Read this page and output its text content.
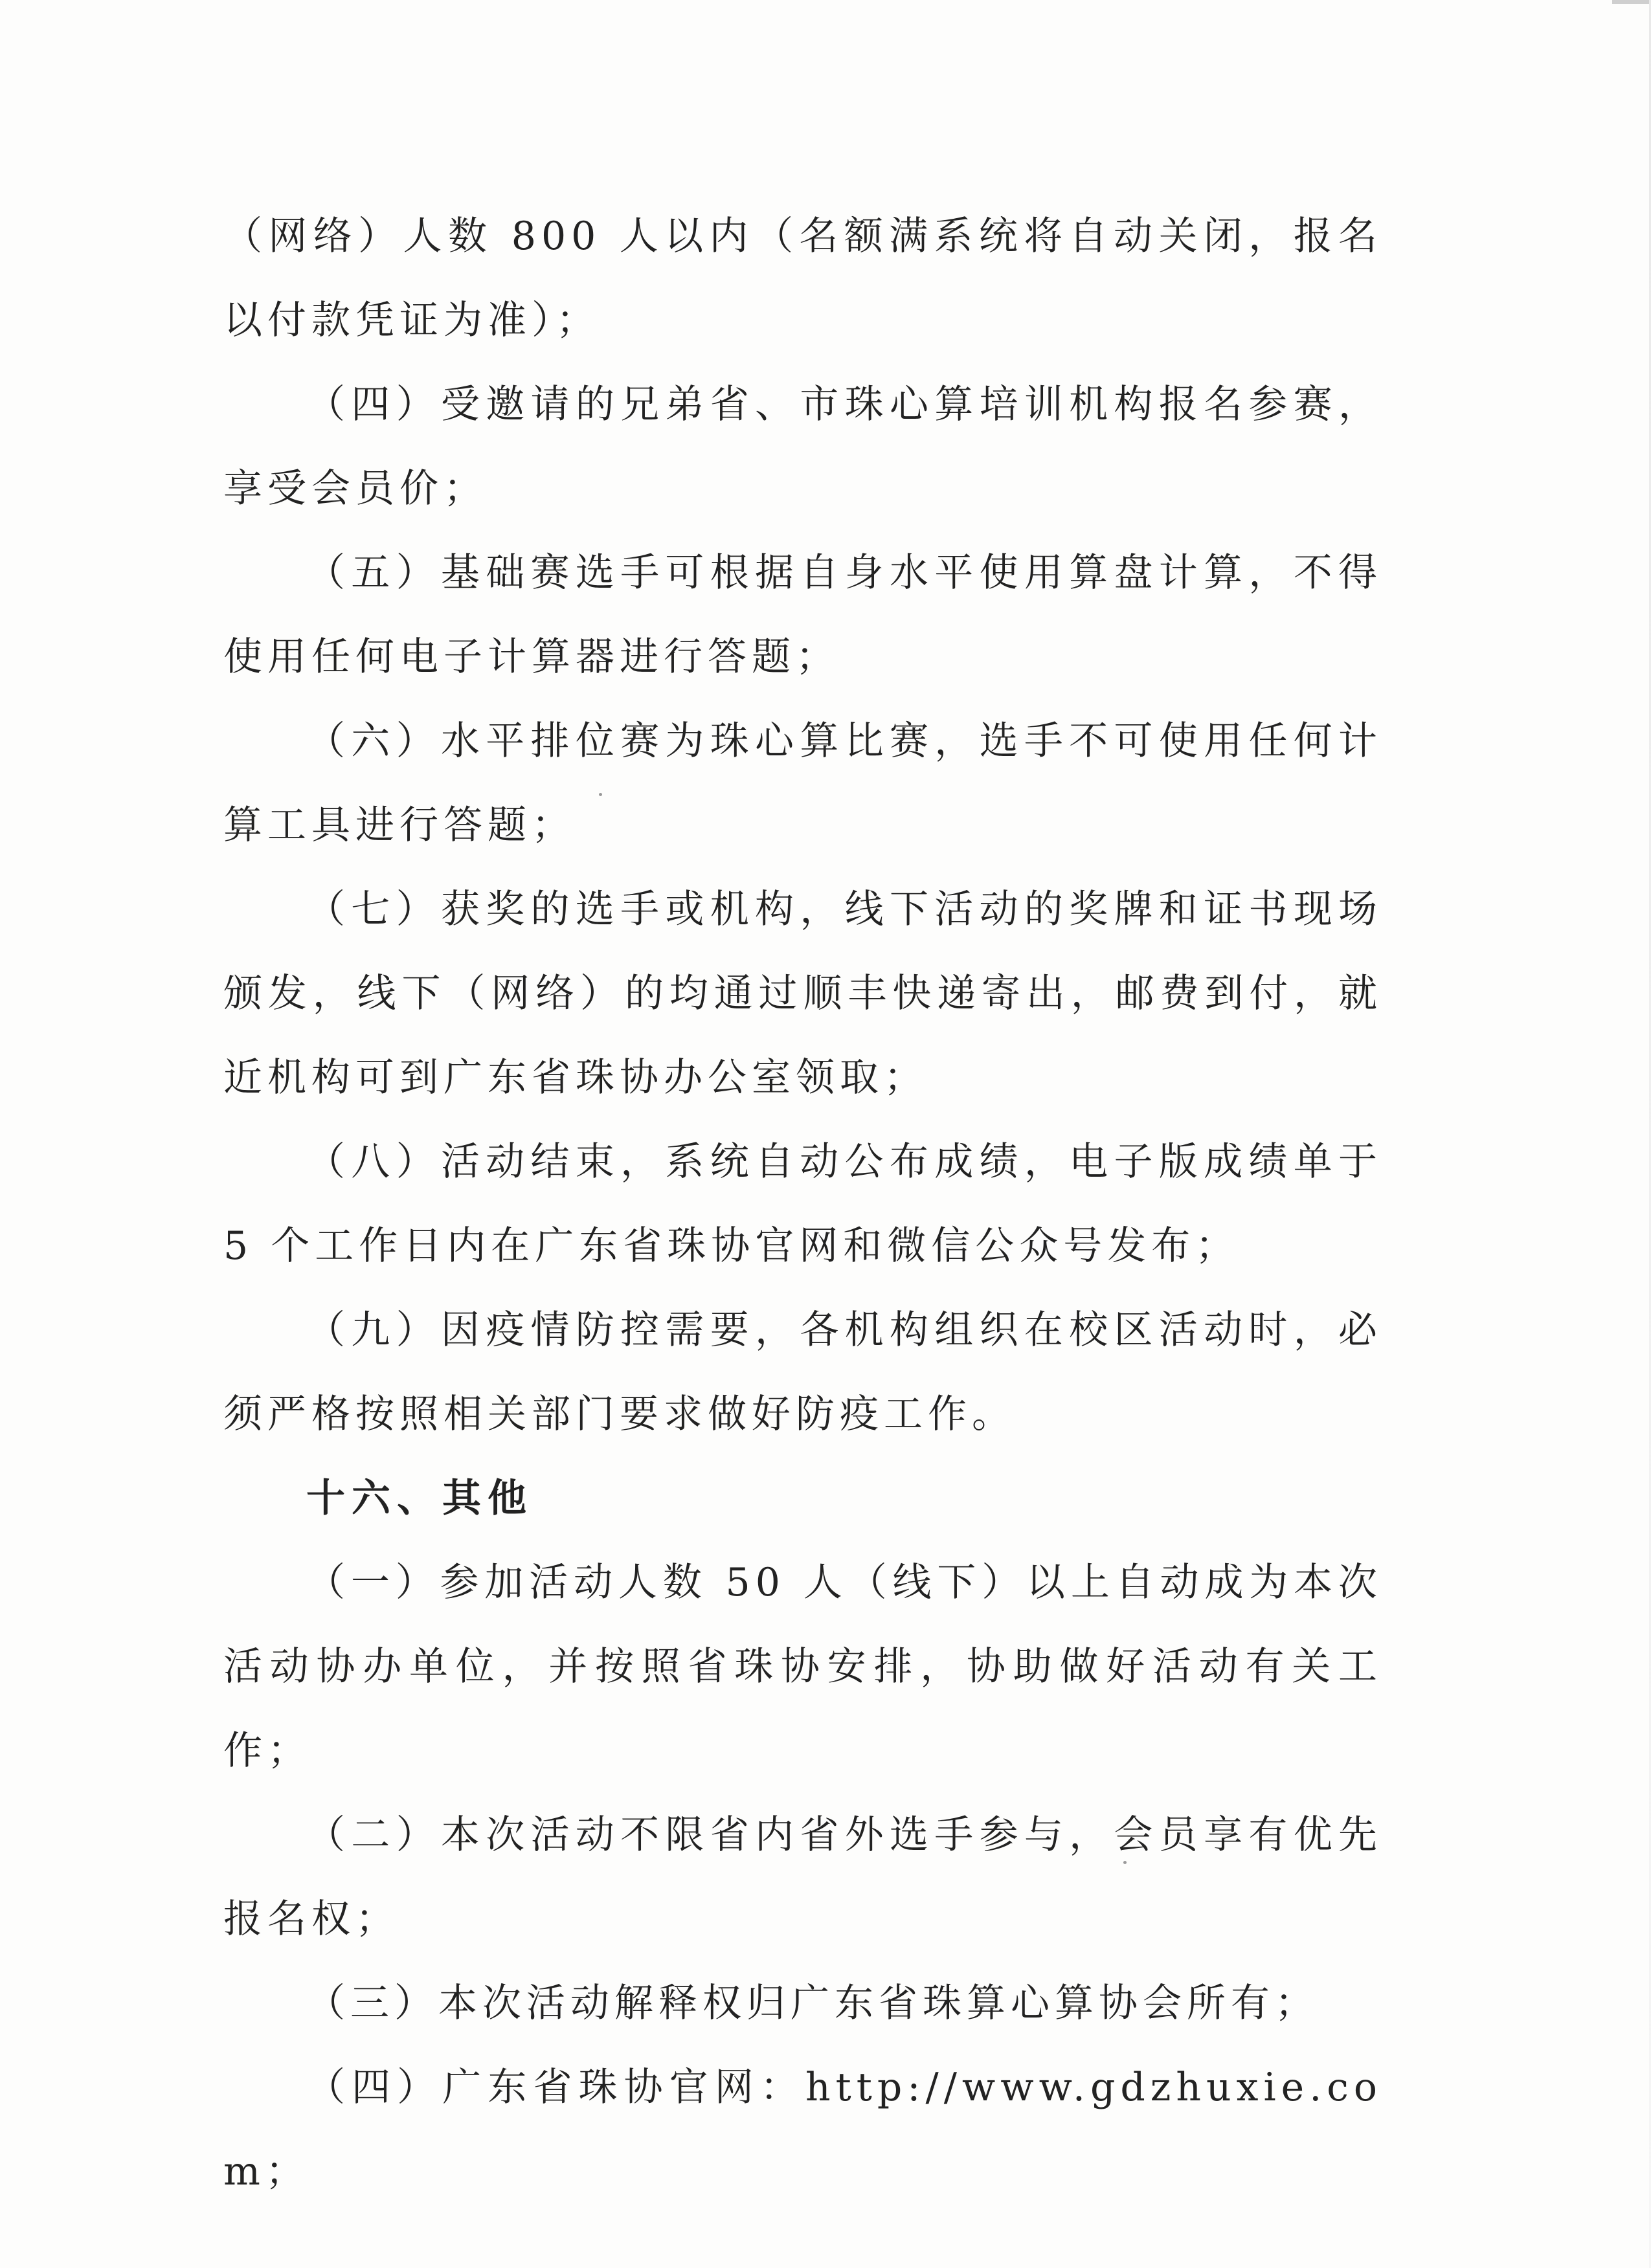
（网络）人数 800 人以内（名额满系统将自动关闭，报名以付款凭证为准）；

（四）受邀请的兄弟省、市珠心算培训机构报名参赛，享受会员价；

（五）基础赛选手可根据自身水平使用算盘计算，不得使用任何电子计算器进行答题；

（六）水平排位赛为珠心算比赛，选手不可使用任何计算工具进行答题；

（七）获奖的选手或机构，线下活动的奖牌和证书现场颁发，线下（网络）的均通过顺丰快递寄出，邮费到付，就近机构可到广东省珠协办公室领取；

（八）活动结束，系统自动公布成绩，电子版成绩单于 5 个工作日内在广东省珠协官网和微信公众号发布；

（九）因疫情防控需要，各机构组织在校区活动时，必须严格按照相关部门要求做好防疫工作。

十六、其他

（一）参加活动人数 50 人（线下）以上自动成为本次活动协办单位，并按照省珠协安排，协助做好活动有关工作；

（二）本次活动不限省内省外选手参与，会员享有优先报名权；

（三）本次活动解释权归广东省珠算心算协会所有；

（四）广东省珠协官网：http://www.gdzhuxie.com；
